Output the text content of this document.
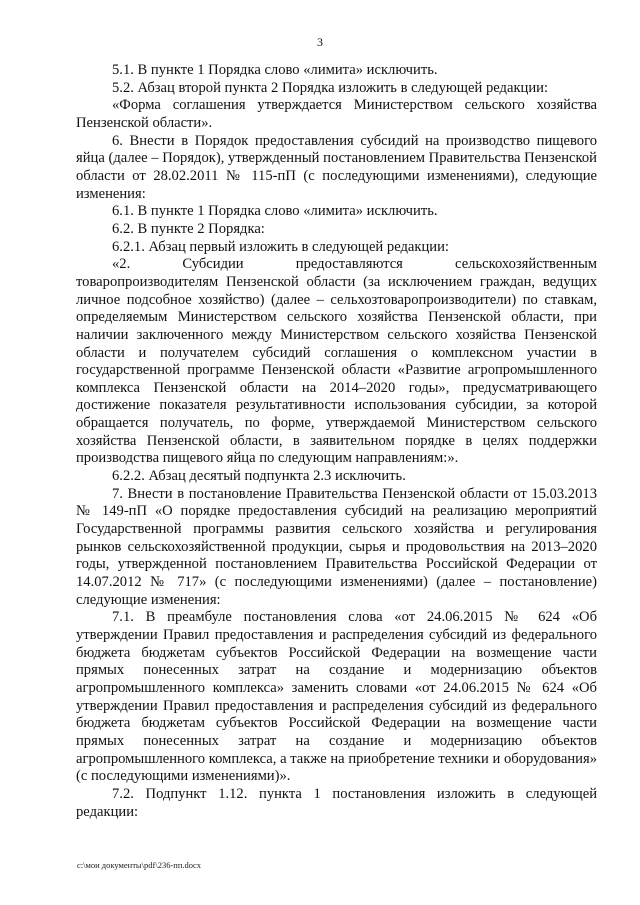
3

5.1. В пункте 1 Порядка слово «лимита» исключить.

5.2. Абзац второй пункта 2 Порядка изложить в следующей редакции:

«Форма соглашения утверждается Министерством сельского хозяйства Пензенской области».

6. Внести в Порядок предоставления субсидий на производство пищевого яйца (далее – Порядок), утвержденный постановлением Правительства Пензенской области от 28.02.2011 № 115-пП (с последующими изменениями), следующие изменения:

6.1. В пункте 1 Порядка слово «лимита» исключить.

6.2. В пункте 2 Порядка:

6.2.1. Абзац первый изложить в следующей редакции:

«2. Субсидии предоставляются сельскохозяйственным товаропроизводителям Пензенской области (за исключением граждан, ведущих личное подсобное хозяйство) (далее – сельхозтоваропроизводители) по ставкам, определяемым Министерством сельского хозяйства Пензенской области, при наличии заключенного между Министерством сельского хозяйства Пензенской области и получателем субсидий соглашения о комплексном участии в государственной программе Пензенской области «Развитие агропромышленного комплекса Пензенской области на 2014–2020 годы», предусматривающего достижение показателя результативности использования субсидии, за которой обращается получатель, по форме, утверждаемой Министерством сельского хозяйства Пензенской области, в заявительном порядке в целях поддержки производства пищевого яйца по следующим направлениям:».

6.2.2. Абзац десятый подпункта 2.3 исключить.

7. Внести в постановление Правительства Пензенской области от 15.03.2013 № 149-пП «О порядке предоставления субсидий на реализацию мероприятий Государственной программы развития сельского хозяйства и регулирования рынков сельскохозяйственной продукции, сырья и продовольствия на 2013–2020 годы, утвержденной постановлением Правительства Российской Федерации от 14.07.2012 № 717» (с последующими изменениями) (далее – постановление) следующие изменения:

7.1. В преамбуле постановления слова «от 24.06.2015 № 624 «Об утверждении Правил предоставления и распределения субсидий из федерального бюджета бюджетам субъектов Российской Федерации на возмещение части прямых понесенных затрат на создание и модернизацию объектов агропромышленного комплекса» заменить словами «от 24.06.2015 № 624 «Об утверждении Правил предоставления и распределения субсидий из федерального бюджета бюджетам субъектов Российской Федерации на возмещение части прямых понесенных затрат на создание и модернизацию объектов агропромышленного комплекса, а также на приобретение техники и оборудования» (с последующими изменениями)».

7.2. Подпункт 1.12. пункта 1 постановления изложить в следующей редакции:

c:\мои документы\pdf\236-пп.docx
